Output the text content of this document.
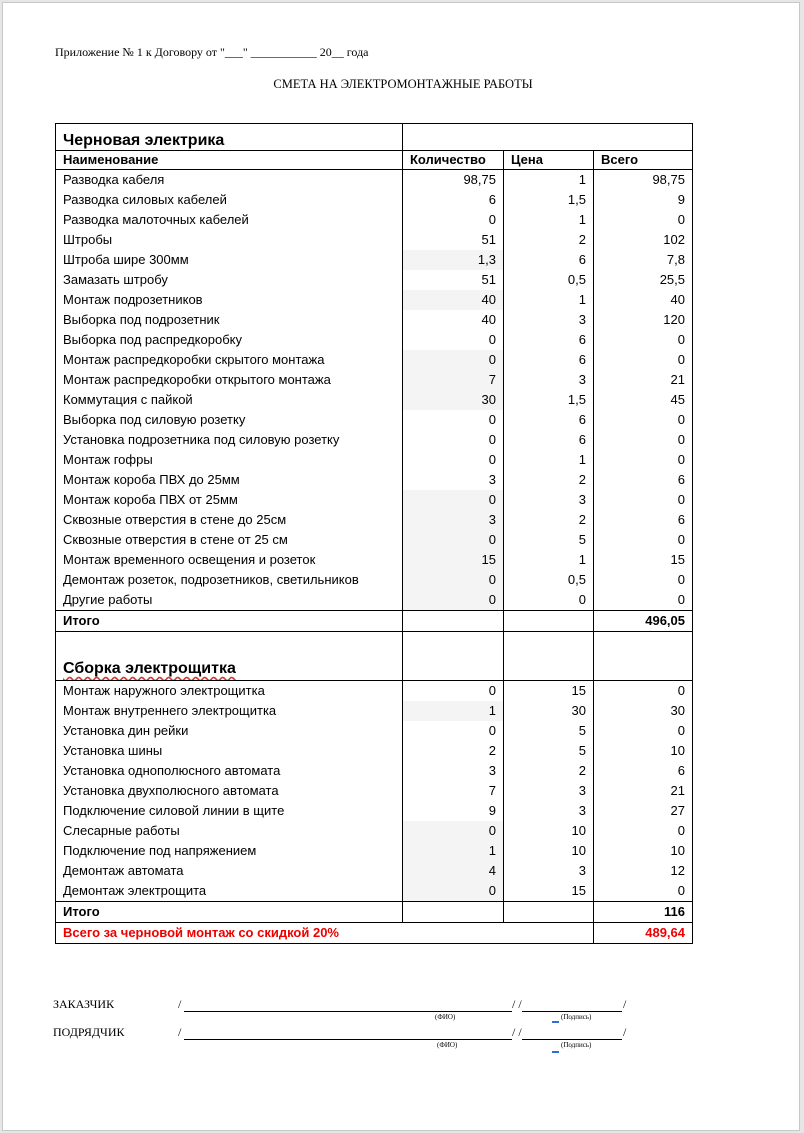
Приложение № 1 к Договору от "___" ___________ 20__ года
СМЕТА НА ЭЛЕКТРОМОНТАЖНЫЕ РАБОТЫ
Черновая электрика			
Наименование	Количество	Цена	Всего
Разводка кабеля	98,75	1	98,75
Разводка силовых кабелей	6	1,5	9
Разводка малоточных кабелей	0	1	0
Штробы	51	2	102
Штроба шире 300мм	1,3	6	7,8
Замазать штробу	51	0,5	25,5
Монтаж подрозетников	40	1	40
Выборка под подрозетник	40	3	120
Выборка под распредкоробку	0	6	0
Монтаж распредкоробки скрытого монтажа	0	6	0
Монтаж распредкоробки открытого монтажа	7	3	21
Коммутация с пайкой	30	1,5	45
Выборка под силовую розетку	0	6	0
Установка подрозетника под силовую розетку	0	6	0
Монтаж гофры	0	1	0
Монтаж короба ПВХ до 25мм	3	2	6
Монтаж короба ПВХ от 25мм	0	3	0
Сквозные отверстия в стене до 25см	3	2	6
Сквозные отверстия в стене от 25 см	0	5	0
Монтаж временного освещения и розеток	15	1	15
Демонтаж розеток, подрозетников, светильников	0	0,5	0
Другие работы	0	0	0
Итого			496,05
Сборка электрощитка			
Монтаж наружного электрощитка	0	15	0
Монтаж внутреннего электрощитка	1	30	30
Установка дин рейки	0	5	0
Установка шины	2	5	10
Установка однополюсного автомата	3	2	6
Установка двухполюсного автомата	7	3	21
Подключение силовой линии в щите	9	3	27
Слесарные работы	0	10	0
Подключение под напряжением	1	10	10
Демонтаж автомата	4	3	12
Демонтаж электрощита	0	15	0
Итого			116
Всего за черновой монтаж со скидкой 20%			489,64
ЗАКАЗЧИК	/	/ /	/
(ФИО)	(Подпись)
ПОДРЯДЧИК	/	/ /	/
(ФИО)	(Подпись)
